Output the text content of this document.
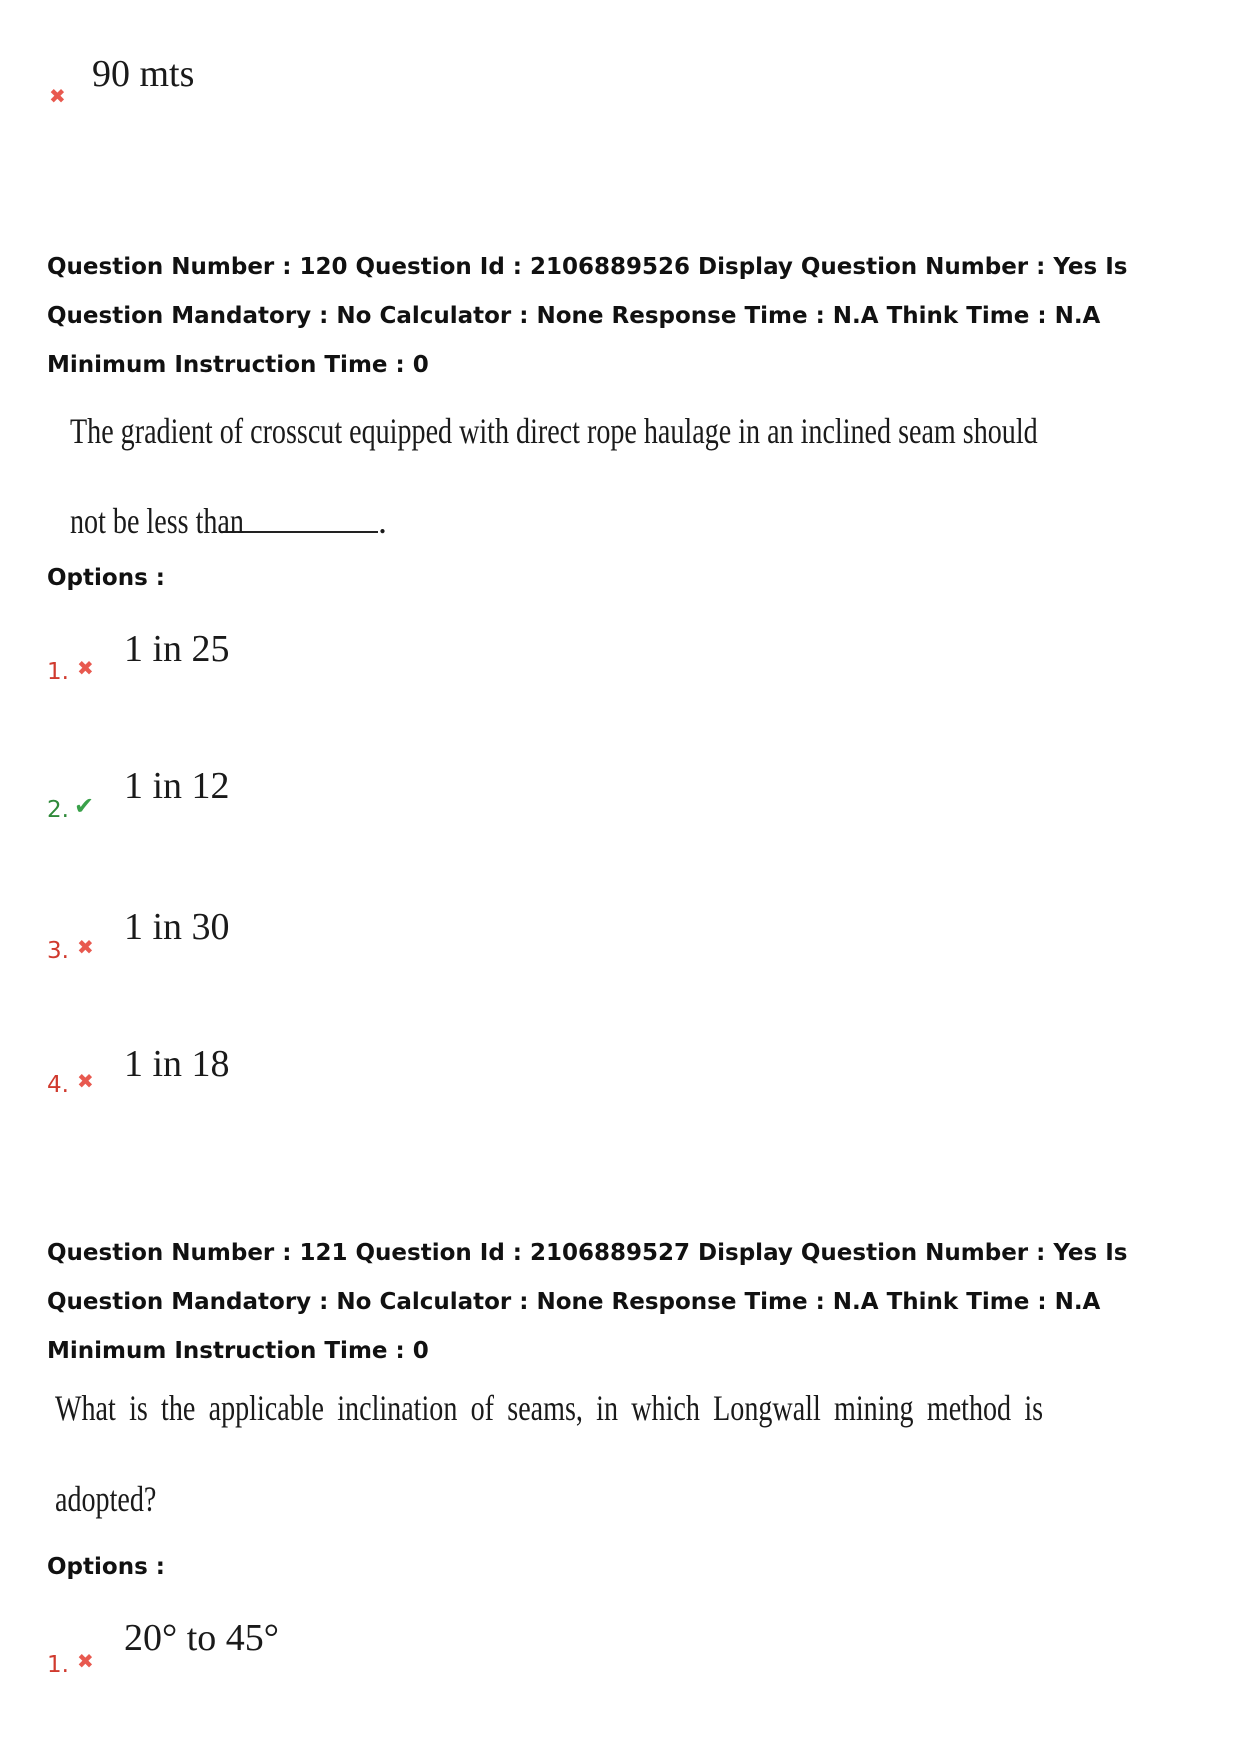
✖
90 mts
Question Number : 120 Question Id : 2106889526 Display Question Number : Yes Is Question Mandatory : No Calculator : None Response Time : N.A Think Time : N.A Minimum Instruction Time : 0
The gradient of crosscut equipped with direct rope haulage in an inclined seam should
not be less than	.
Options :
1. ✖ 1 in 25
2. ✔ 1 in 12
3. ✖ 1 in 30
4. ✖ 1 in 18
Question Number : 121 Question Id : 2106889527 Display Question Number : Yes Is Question Mandatory : No Calculator : None Response Time : N.A Think Time : N.A Minimum Instruction Time : 0
What is the applicable inclination of seams, in which Longwall mining method is
adopted?
Options :
1. ✖
20° to 45°
